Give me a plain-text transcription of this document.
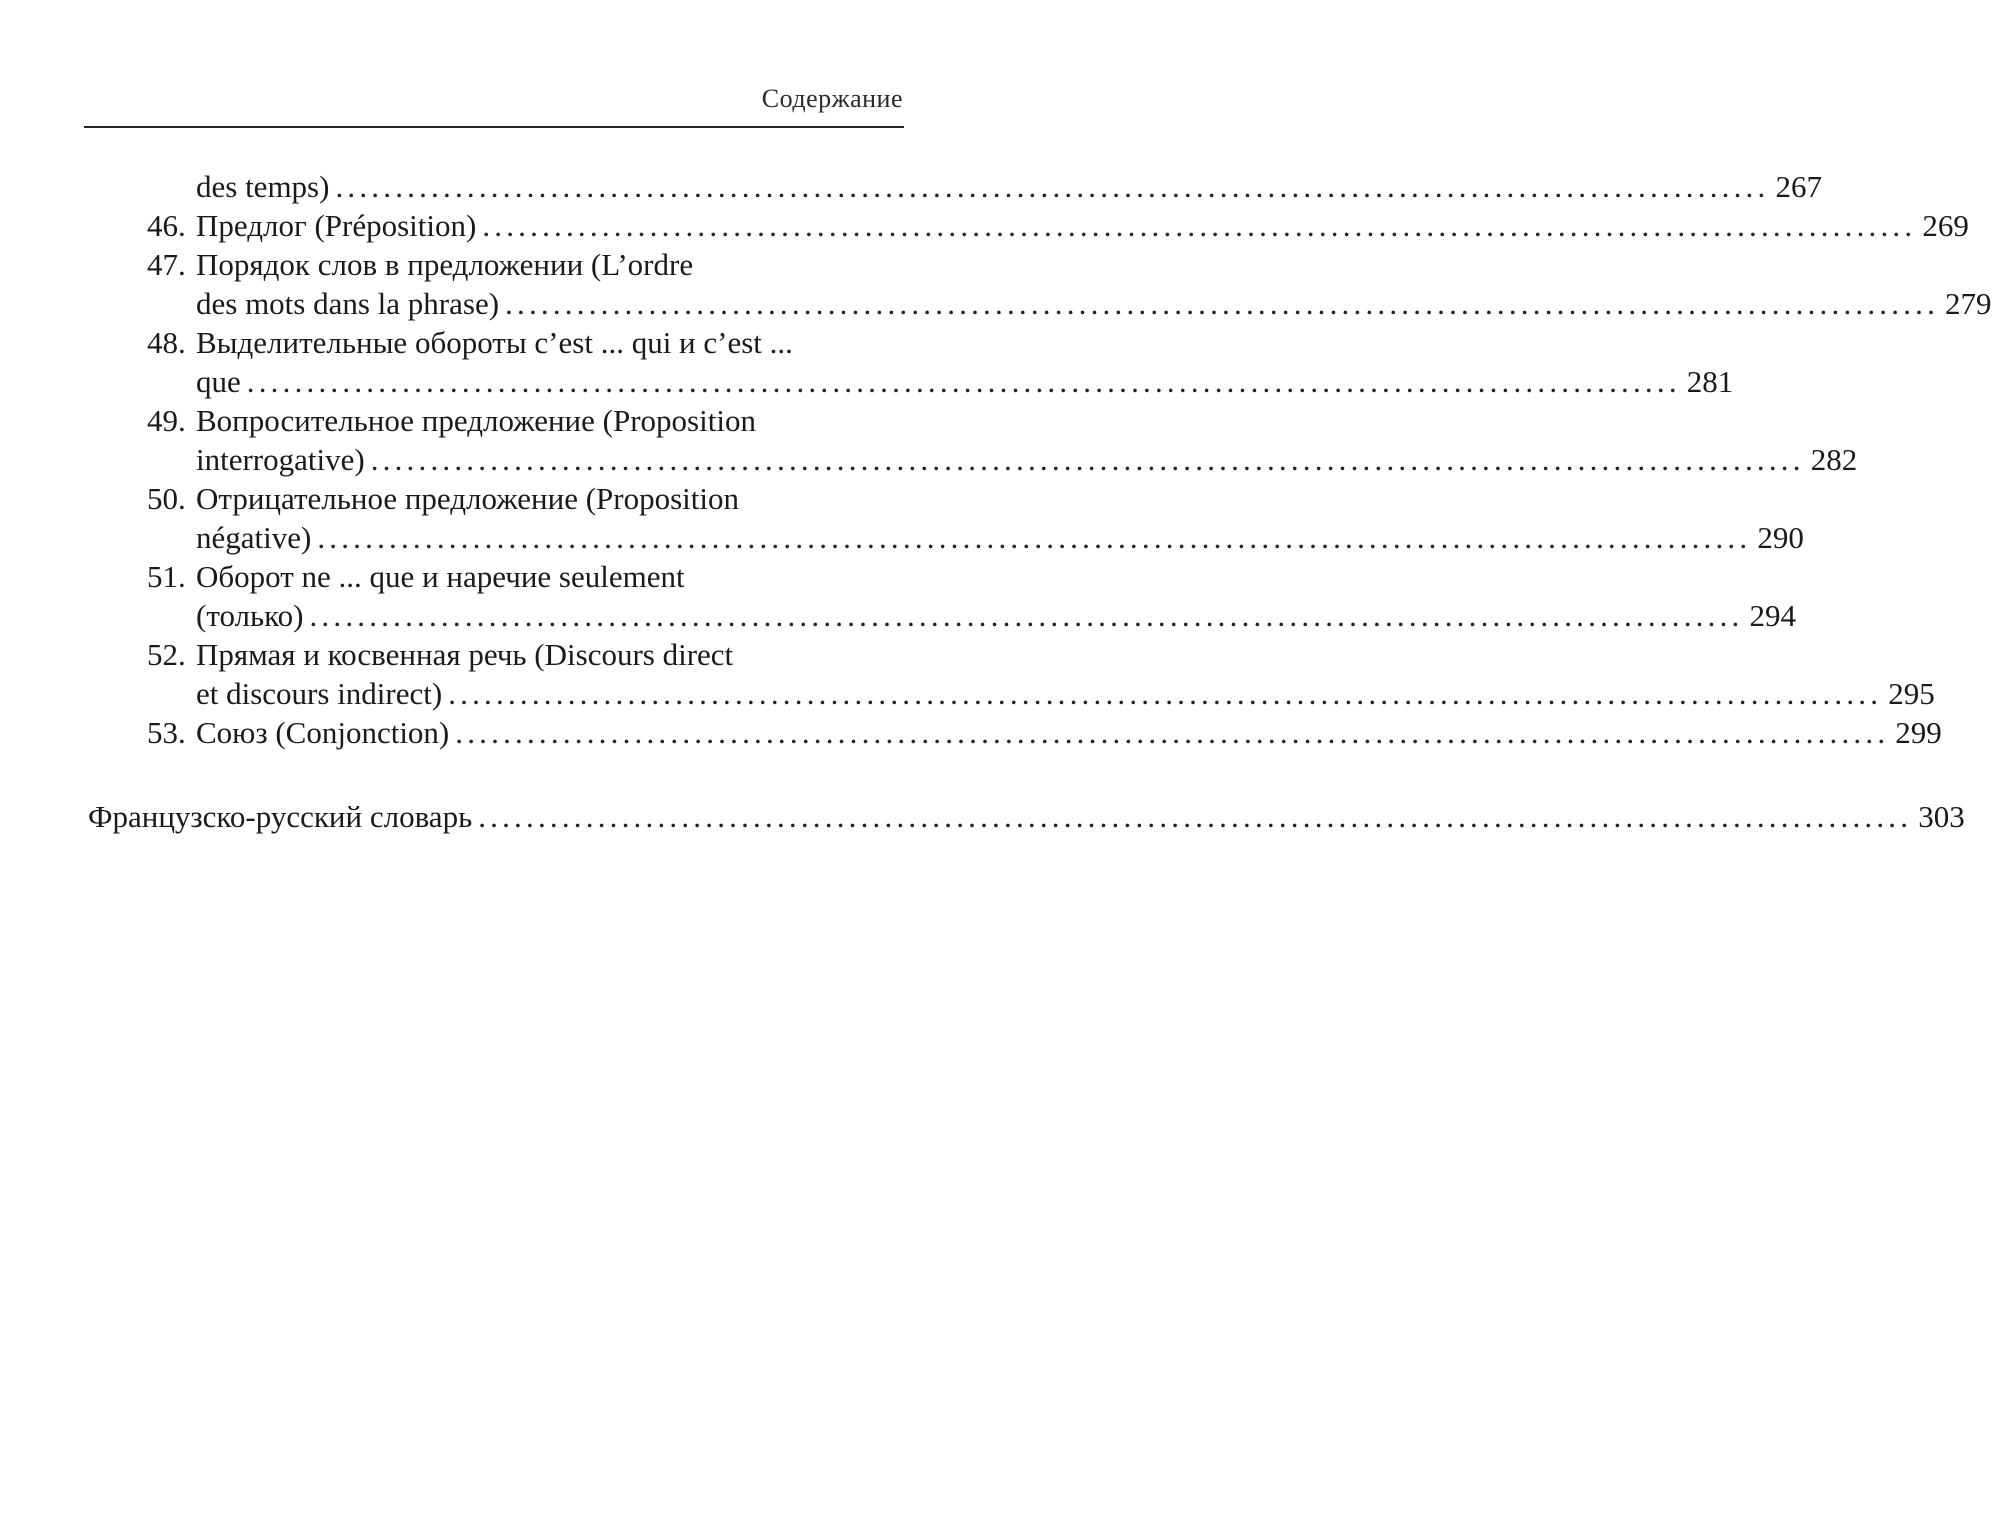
Содержание
des temps) ........................................................................................................................ 267
46. Предлог (Préposition) ........................................................................................................................ 269
47. Порядок слов в предложении (L’ordre
des mots dans la phrase) ........................................................................................................................ 279
48. Выделительные обороты c’est ... qui и c’est ...
que ........................................................................................................................ 281
49. Вопросительное предложение (Proposition
interrogative) ........................................................................................................................ 282
50. Отрицательное предложение (Proposition
négative) ........................................................................................................................ 290
51. Оборот ne ... que и наречие seulement
(только) ........................................................................................................................ 294
52. Прямая и косвенная речь (Discours direct
et discours indirect) ........................................................................................................................ 295
53. Союз (Conjonction) ........................................................................................................................ 299
Французско-русский словарь ........................................................................................................................ 303
